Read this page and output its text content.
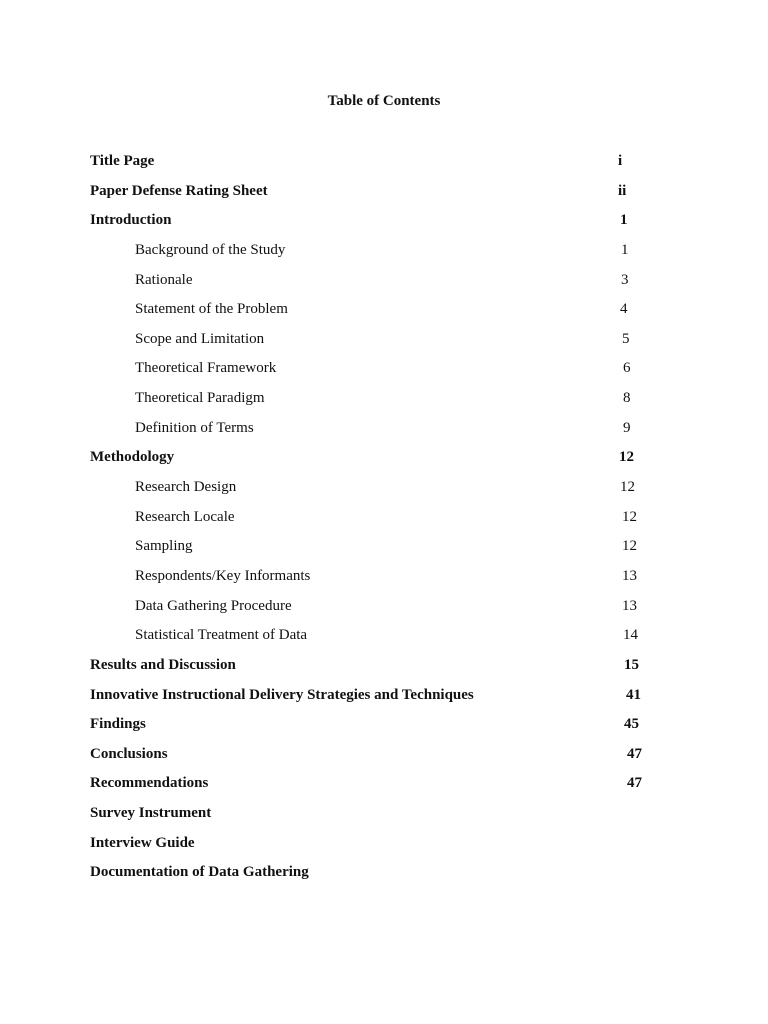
Table of Contents
Title Page	i
Paper Defense Rating Sheet	ii
Introduction	1
Background of the Study	1
Rationale	3
Statement of the Problem	4
Scope and Limitation	5
Theoretical Framework	6
Theoretical Paradigm	8
Definition of Terms	9
Methodology	12
Research Design	12
Research Locale	12
Sampling	12
Respondents/Key Informants	13
Data Gathering Procedure	13
Statistical Treatment of Data	14
Results and Discussion	15
Innovative Instructional Delivery Strategies and Techniques	41
Findings	45
Conclusions	47
Recommendations	47
Survey Instrument
Interview Guide
Documentation of Data Gathering
